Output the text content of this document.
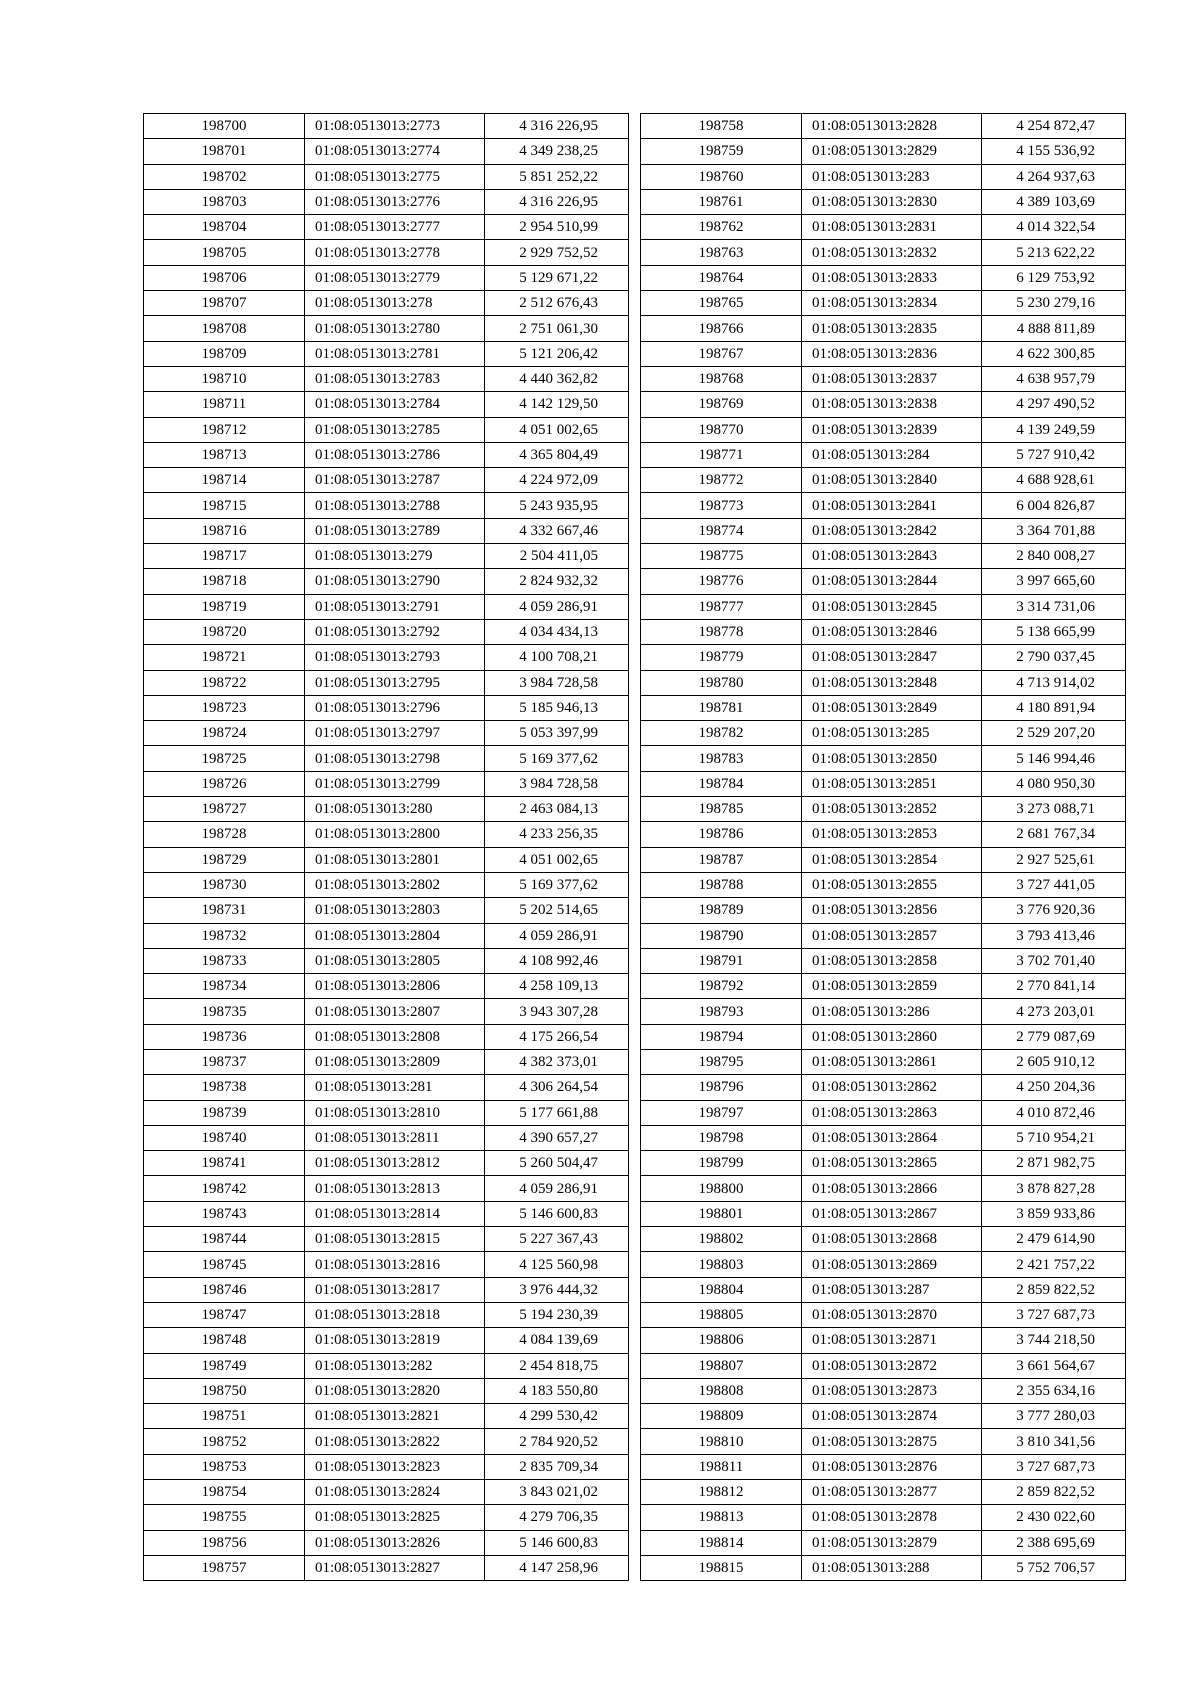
198700	01:08:0513013:2773	4 316 226,95
198701	01:08:0513013:2774	4 349 238,25
198702	01:08:0513013:2775	5 851 252,22
198703	01:08:0513013:2776	4 316 226,95
198704	01:08:0513013:2777	2 954 510,99
198705	01:08:0513013:2778	2 929 752,52
198706	01:08:0513013:2779	5 129 671,22
198707	01:08:0513013:278	2 512 676,43
198708	01:08:0513013:2780	2 751 061,30
198709	01:08:0513013:2781	5 121 206,42
198710	01:08:0513013:2783	4 440 362,82
198711	01:08:0513013:2784	4 142 129,50
198712	01:08:0513013:2785	4 051 002,65
198713	01:08:0513013:2786	4 365 804,49
198714	01:08:0513013:2787	4 224 972,09
198715	01:08:0513013:2788	5 243 935,95
198716	01:08:0513013:2789	4 332 667,46
198717	01:08:0513013:279	2 504 411,05
198718	01:08:0513013:2790	2 824 932,32
198719	01:08:0513013:2791	4 059 286,91
198720	01:08:0513013:2792	4 034 434,13
198721	01:08:0513013:2793	4 100 708,21
198722	01:08:0513013:2795	3 984 728,58
198723	01:08:0513013:2796	5 185 946,13
198724	01:08:0513013:2797	5 053 397,99
198725	01:08:0513013:2798	5 169 377,62
198726	01:08:0513013:2799	3 984 728,58
198727	01:08:0513013:280	2 463 084,13
198728	01:08:0513013:2800	4 233 256,35
198729	01:08:0513013:2801	4 051 002,65
198730	01:08:0513013:2802	5 169 377,62
198731	01:08:0513013:2803	5 202 514,65
198732	01:08:0513013:2804	4 059 286,91
198733	01:08:0513013:2805	4 108 992,46
198734	01:08:0513013:2806	4 258 109,13
198735	01:08:0513013:2807	3 943 307,28
198736	01:08:0513013:2808	4 175 266,54
198737	01:08:0513013:2809	4 382 373,01
198738	01:08:0513013:281	4 306 264,54
198739	01:08:0513013:2810	5 177 661,88
198740	01:08:0513013:2811	4 390 657,27
198741	01:08:0513013:2812	5 260 504,47
198742	01:08:0513013:2813	4 059 286,91
198743	01:08:0513013:2814	5 146 600,83
198744	01:08:0513013:2815	5 227 367,43
198745	01:08:0513013:2816	4 125 560,98
198746	01:08:0513013:2817	3 976 444,32
198747	01:08:0513013:2818	5 194 230,39
198748	01:08:0513013:2819	4 084 139,69
198749	01:08:0513013:282	2 454 818,75
198750	01:08:0513013:2820	4 183 550,80
198751	01:08:0513013:2821	4 299 530,42
198752	01:08:0513013:2822	2 784 920,52
198753	01:08:0513013:2823	2 835 709,34
198754	01:08:0513013:2824	3 843 021,02
198755	01:08:0513013:2825	4 279 706,35
198756	01:08:0513013:2826	5 146 600,83
198757	01:08:0513013:2827	4 147 258,96
198758	01:08:0513013:2828	4 254 872,47
198759	01:08:0513013:2829	4 155 536,92
198760	01:08:0513013:283	4 264 937,63
198761	01:08:0513013:2830	4 389 103,69
198762	01:08:0513013:2831	4 014 322,54
198763	01:08:0513013:2832	5 213 622,22
198764	01:08:0513013:2833	6 129 753,92
198765	01:08:0513013:2834	5 230 279,16
198766	01:08:0513013:2835	4 888 811,89
198767	01:08:0513013:2836	4 622 300,85
198768	01:08:0513013:2837	4 638 957,79
198769	01:08:0513013:2838	4 297 490,52
198770	01:08:0513013:2839	4 139 249,59
198771	01:08:0513013:284	5 727 910,42
198772	01:08:0513013:2840	4 688 928,61
198773	01:08:0513013:2841	6 004 826,87
198774	01:08:0513013:2842	3 364 701,88
198775	01:08:0513013:2843	2 840 008,27
198776	01:08:0513013:2844	3 997 665,60
198777	01:08:0513013:2845	3 314 731,06
198778	01:08:0513013:2846	5 138 665,99
198779	01:08:0513013:2847	2 790 037,45
198780	01:08:0513013:2848	4 713 914,02
198781	01:08:0513013:2849	4 180 891,94
198782	01:08:0513013:285	2 529 207,20
198783	01:08:0513013:2850	5 146 994,46
198784	01:08:0513013:2851	4 080 950,30
198785	01:08:0513013:2852	3 273 088,71
198786	01:08:0513013:2853	2 681 767,34
198787	01:08:0513013:2854	2 927 525,61
198788	01:08:0513013:2855	3 727 441,05
198789	01:08:0513013:2856	3 776 920,36
198790	01:08:0513013:2857	3 793 413,46
198791	01:08:0513013:2858	3 702 701,40
198792	01:08:0513013:2859	2 770 841,14
198793	01:08:0513013:286	4 273 203,01
198794	01:08:0513013:2860	2 779 087,69
198795	01:08:0513013:2861	2 605 910,12
198796	01:08:0513013:2862	4 250 204,36
198797	01:08:0513013:2863	4 010 872,46
198798	01:08:0513013:2864	5 710 954,21
198799	01:08:0513013:2865	2 871 982,75
198800	01:08:0513013:2866	3 878 827,28
198801	01:08:0513013:2867	3 859 933,86
198802	01:08:0513013:2868	2 479 614,90
198803	01:08:0513013:2869	2 421 757,22
198804	01:08:0513013:287	2 859 822,52
198805	01:08:0513013:2870	3 727 687,73
198806	01:08:0513013:2871	3 744 218,50
198807	01:08:0513013:2872	3 661 564,67
198808	01:08:0513013:2873	2 355 634,16
198809	01:08:0513013:2874	3 777 280,03
198810	01:08:0513013:2875	3 810 341,56
198811	01:08:0513013:2876	3 727 687,73
198812	01:08:0513013:2877	2 859 822,52
198813	01:08:0513013:2878	2 430 022,60
198814	01:08:0513013:2879	2 388 695,69
198815	01:08:0513013:288	5 752 706,57
